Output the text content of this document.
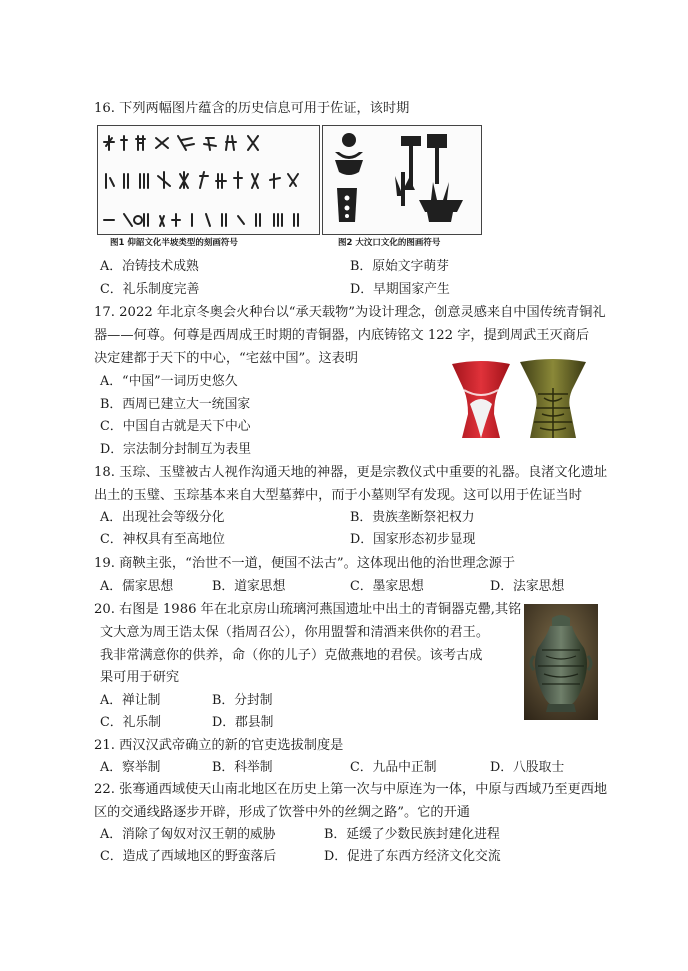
16. 下列两幅图片蕴含的历史信息可用于佐证，该时期
图1 仰韶文化半坡类型的刻画符号	图2 大汶口文化的图画符号
A．冶铸技术成熟	B．原始文字萌芽
C．礼乐制度完善	D．早期国家产生
17. 2022 年北京冬奥会火种台以“承天载物”为设计理念，创意灵感来自中国传统青铜礼
器——何尊。何尊是西周成王时期的青铜器，内底铸铭文 122 字，提到周武王灭商后
决定建都于天下的中心，“宅兹中国”。这表明
A．“中国”一词历史悠久
B．西周已建立大一统国家
C．中国自古就是天下中心
D．宗法制分封制互为表里
18. 玉琮、玉璧被古人视作沟通天地的神器，更是宗教仪式中重要的礼器。良渚文化遗址
出土的玉璧、玉琮基本来自大型墓葬中，而于小墓则罕有发现。这可以用于佐证当时
A．出现社会等级分化	B．贵族垄断祭祀权力
C．神权具有至高地位	D．国家形态初步显现
19. 商鞅主张，“治世不一道，便国不法古”。这体现出他的治世理念源于
A．儒家思想	B．道家思想	C．墨家思想	D．法家思想
20. 右图是 1986 年在北京房山琉璃河燕国遗址中出土的青铜器克罍,其铭
文大意为周王诰太保（指周召公），你用盟誓和清酒来供你的君王。
我非常满意你的供养，命（你的儿子）克做燕地的君侯。该考古成
果可用于研究
A．禅让制	B．分封制
C．礼乐制	D．郡县制
21. 西汉汉武帝确立的新的官吏选拔制度是
A．察举制	B．科举制	C．九品中正制	D．八股取士
22. 张骞通西域使天山南北地区在历史上第一次与中原连为一体，中原与西域乃至更西地
区的交通线路逐步开辟，形成了饮誉中外的丝绸之路”。它的开通
A．消除了匈奴对汉王朝的威胁	B．延缓了少数民族封建化进程
C．造成了西域地区的野蛮落后	D．促进了东西方经济文化交流
